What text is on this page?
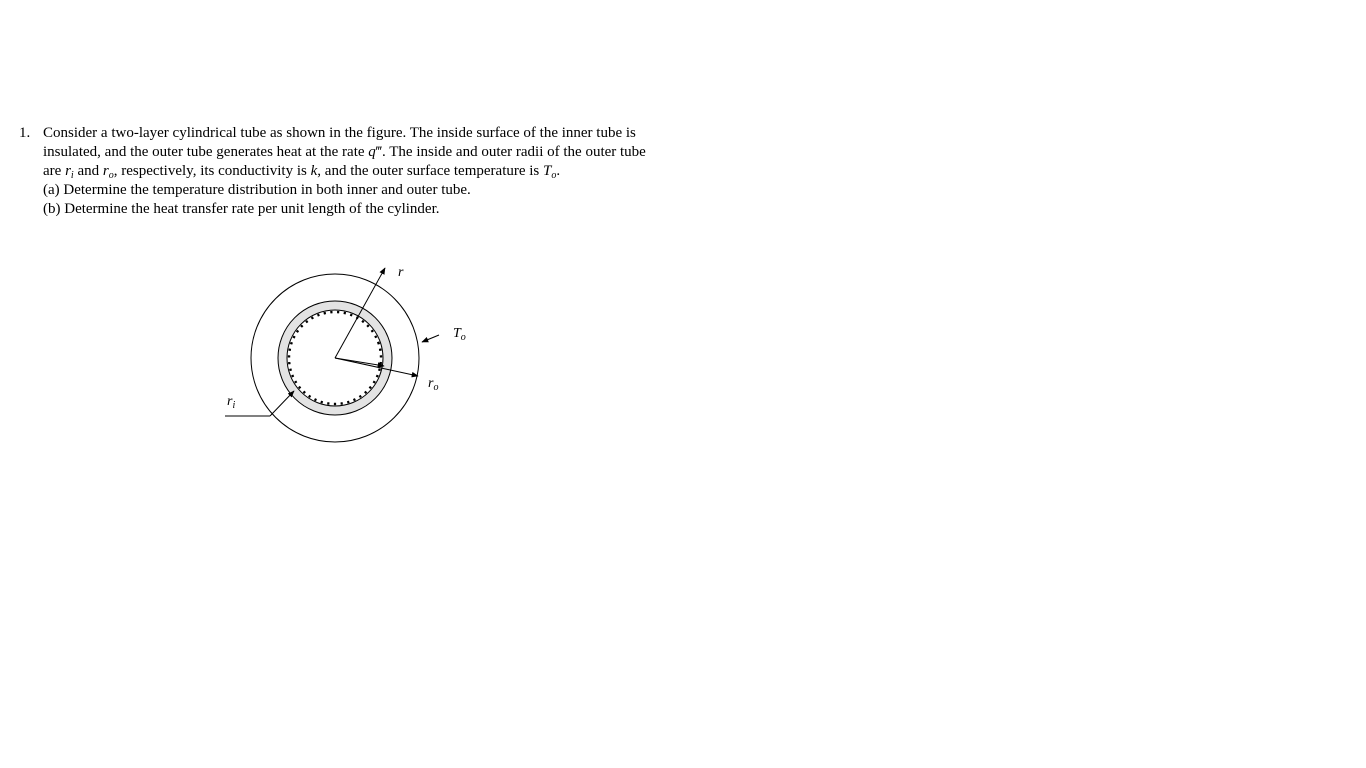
1. Consider a two-layer cylindrical tube as shown in the figure. The inside surface of the inner tube is insulated, and the outer tube generates heat at the rate q‴. The inside and outer radii of the outer tube are $r_i$ and $r_o$, respectively, its conductivity is k, and the outer surface temperature is $T_o$.

(a) Determine the temperature distribution in both inner and outer tube.

(b) Determine the heat transfer rate per unit length of the cylinder.

r
To
ro
ri
